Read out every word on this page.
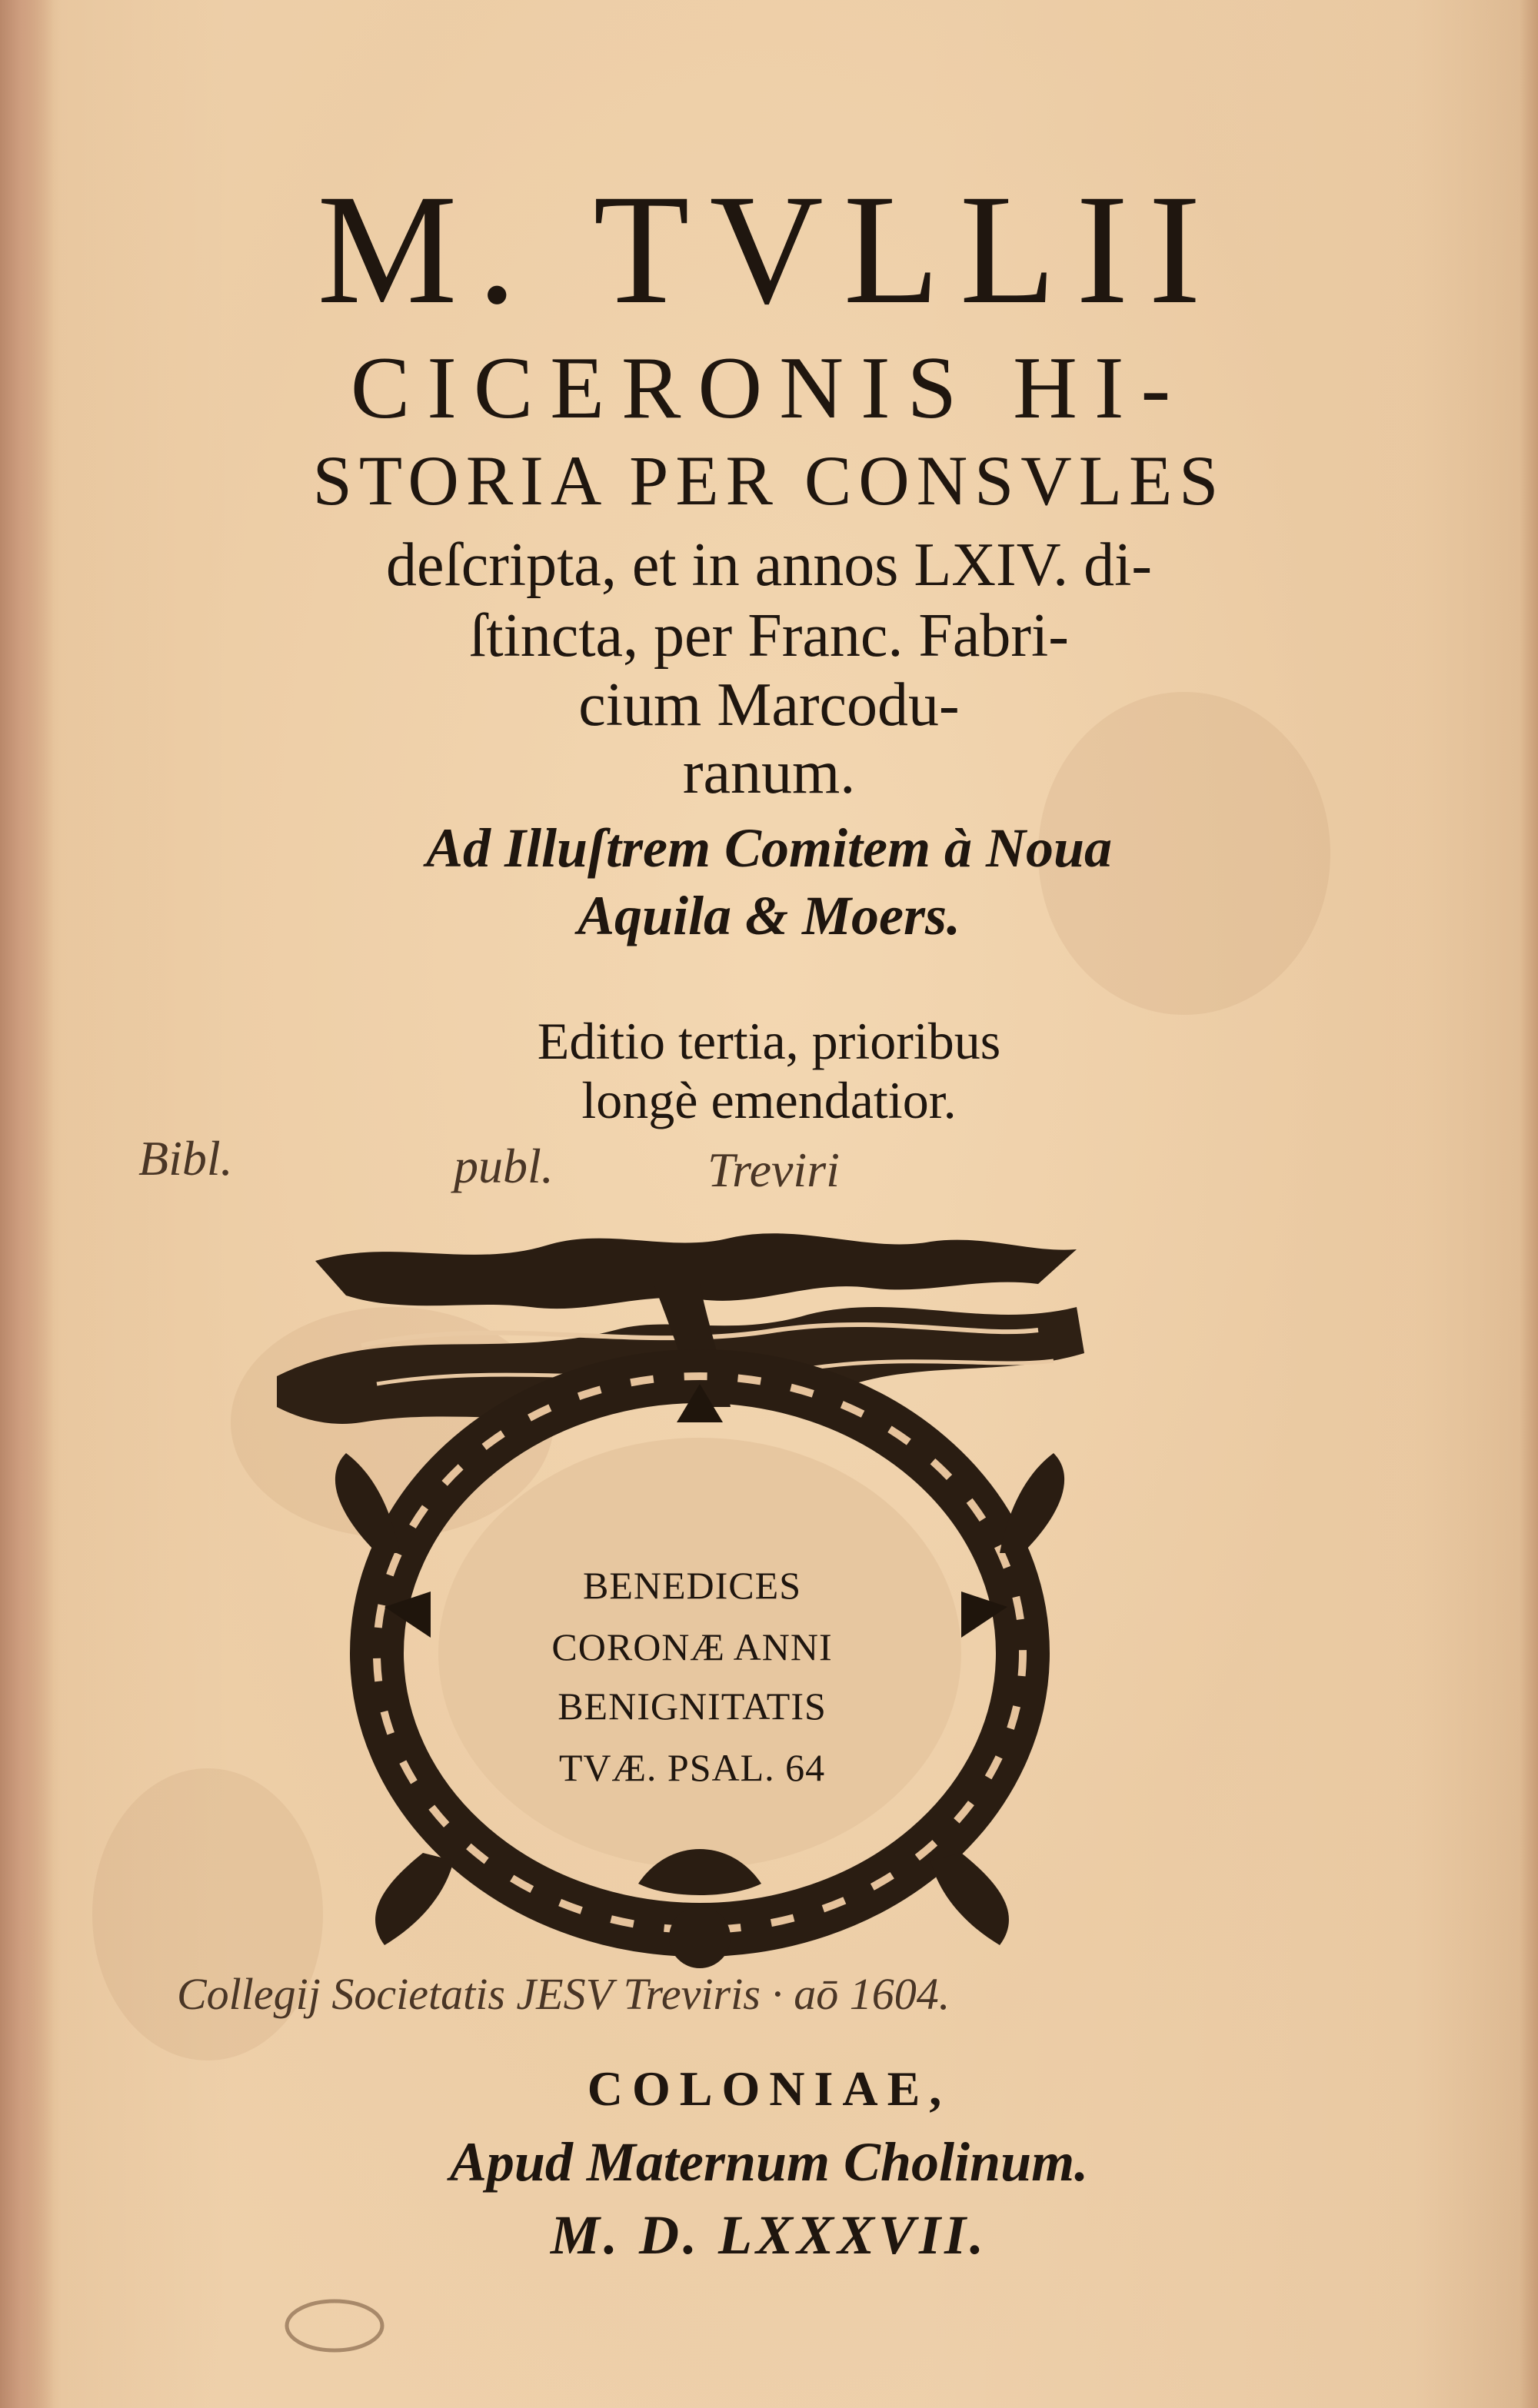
M. TVLLII
CICERONIS HI-
STORIA PER CONSVLES
deſcripta, et in annos LXIV. di-
ſtincta, per Franc. Fabri-
cium Marcodu-
ranum.
Ad Illuſtrem Comitem à Noua
Aquila & Moers.
Editio tertia, prioribus
longè emendatior.
Bibl.	publ.	Treviri
BENEDICES
CORONÆ ANNI
BENIGNITATIS
TVÆ. PSAL. 64
Collegij Societatis JESV Treviris · aō 1604.
COLONIAE,
Apud Maternum Cholinum.
M. D. LXXXVII.
